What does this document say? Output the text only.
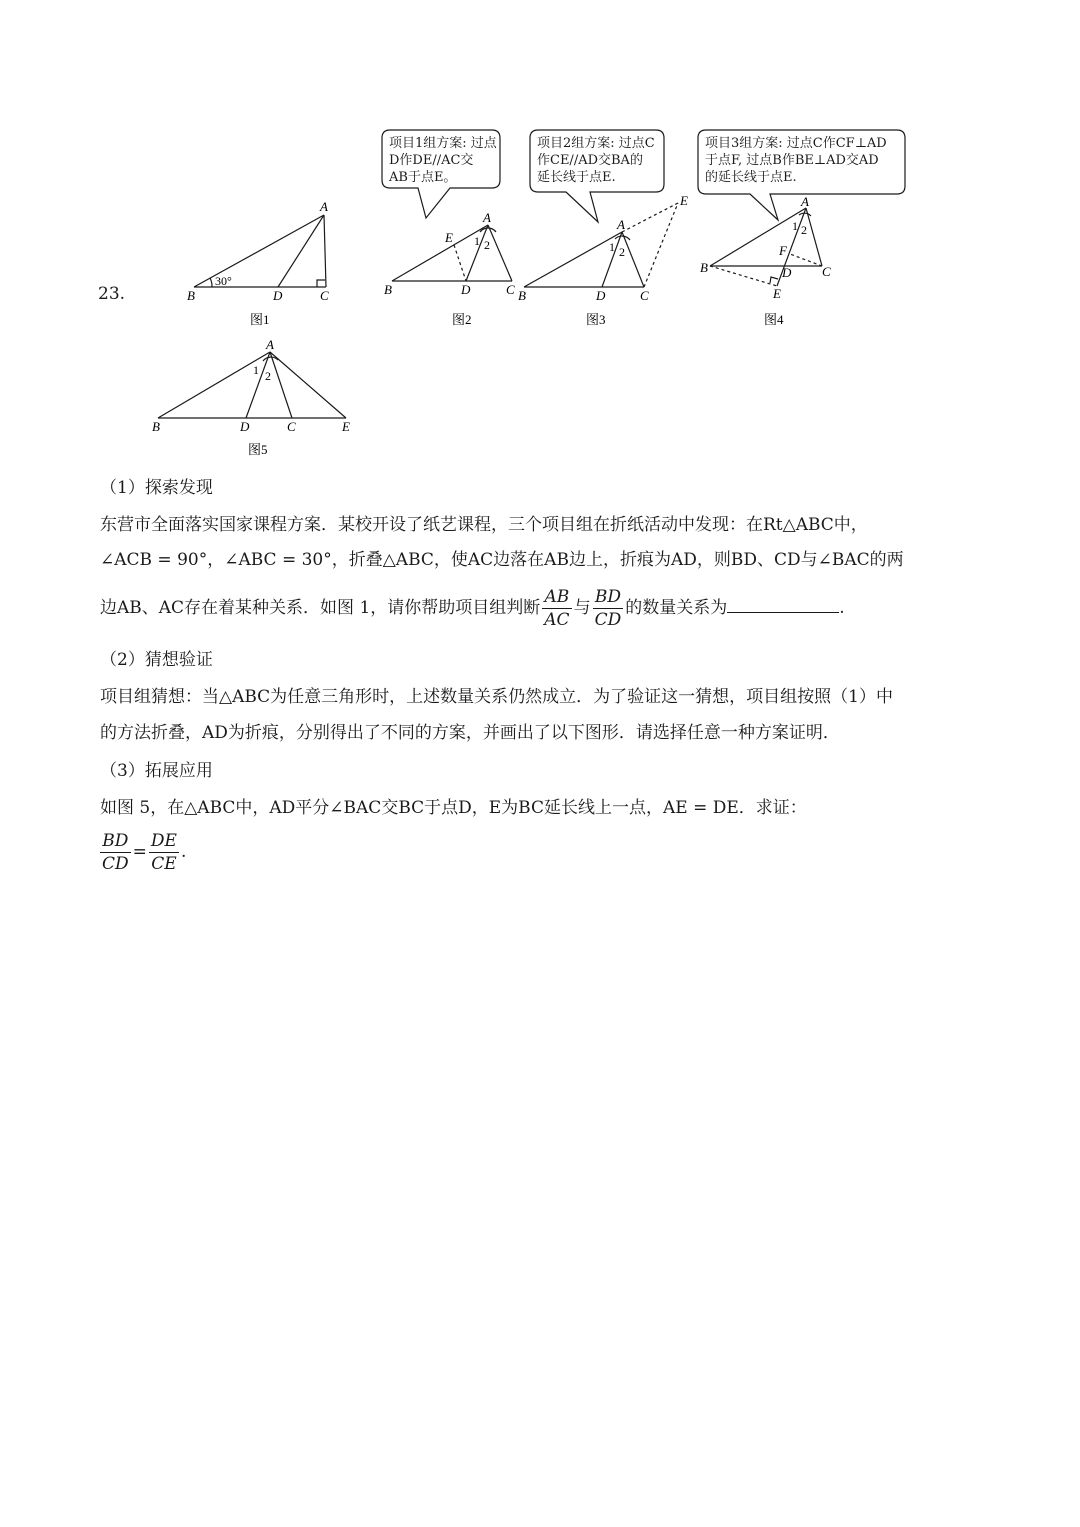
23.
A
B	C
D
30°
图1
A
B	C
D
E 1 2
图2
A
B	C
D
E
1 2
图3
A
B	C
D
E
F
1 2
图4
A
B	C
D	E
1 2
图5
项目1组方案: 过点D作DE//AC交
AB于点E。
项目2组方案: 过点C作CE//AD交BA的
延长线于点E.
项目3组方案: 过点C作CF⊥AD
于点F, 过点B作BE⊥AD交AD
的延长线于点E.
（1）探索发现
东营市全面落实国家课程方案．某校开设了纸艺课程，三个项目组在折纸活动中发现：在Rt△ABC中，
∠ACB = 90°，∠ABC = 30°，折叠△ABC，使AC边落在AB边上，折痕为AD，则BD、CD与∠BAC的两
边AB、AC存在着某种关系．如图 1，请你帮助项目组判断 $\frac{AB}{AC}$ 与 $\frac{BD}{CD}$ 的数量关系为	.
（2）猜想验证
项目组猜想：当△ABC为任意三角形时，上述数量关系仍然成立．为了验证这一猜想，项目组按照（1）中
的方法折叠，AD为折痕，分别得出了不同的方案，并画出了以下图形．请选择任意一种方案证明．
（3）拓展应用
如图 5，在△ABC中，AD平分∠BAC交BC于点D，E为BC延长线上一点，AE = DE．求证：
$\frac{BD}{CD} = \frac{DE}{CE}$ .
